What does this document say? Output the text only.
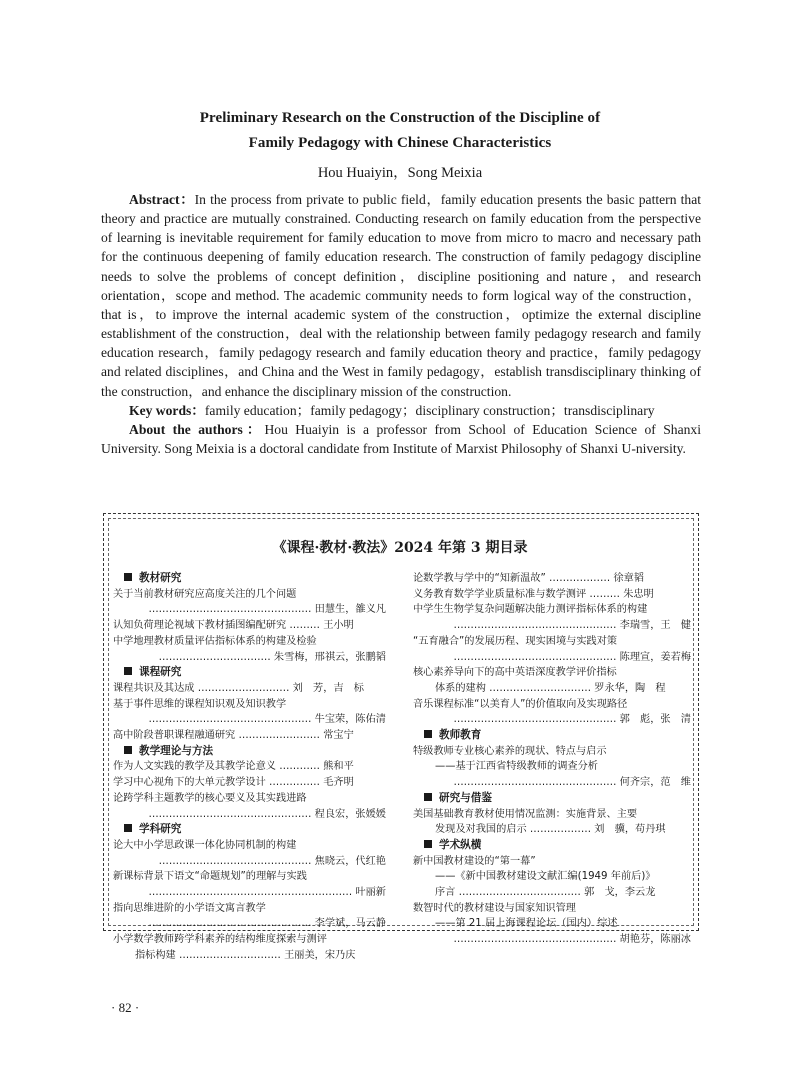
Preliminary Research on the Construction of the Discipline of
Family Pedagogy with Chinese Characteristics
Hou Huaiyin，Song Meixia

Abstract：In the process from private to public field，family education presents the basic pattern that theory and practice are mutually constrained. Conducting research on family education from the perspective of learning is inevitable requirement for family education to move from micro to macro and necessary path for the continuous deepening of family education research. The construction of family pedagogy discipline needs to solve the problems of concept definition，discipline positioning and nature，and research orientation，scope and method. The academic community needs to form logical way of the construction，that is，to improve the internal academic system of the construction，optimize the external discipline establishment of the construction，deal with the relationship between family pedagogy research and family education research，family pedagogy research and family education theory and practice，family pedagogy and related disciplines，and China and the West in family pedagogy，establish transdisciplinary thinking of the construction，and enhance the disciplinary mission of the construction.

Key words：family education；family pedagogy；disciplinary construction；transdisciplinary

About the authors：Hou Huaiyin is a professor from School of Education Science of Shanxi University. Song Meixia is a doctoral candidate from Institute of Marxist Philosophy of Shanxi U-niversity.

《课程·教材·教法》2024 年第 3 期目录
教材研究
关于当前教材研究应高度关注的几个问题
………………………………………… 田慧生，雒义凡
认知负荷理论视域下教材插图编配研究 ……… 王小明
中学地理教材质量评估指标体系的构建及检验
…………………………… 朱雪梅，邢祺云，张鹏韬
课程研究
课程共识及其达成 ……………………… 刘　芳，吉　标
基于事件思维的课程知识观及知识教学
………………………………………… 牛宝荣，陈佑清
高中阶段普职课程融通研究 …………………… 常宝宁
教学理论与方法
作为人文实践的教学及其教学论意义 ………… 熊和平
学习中心视角下的大单元教学设计 …………… 毛齐明
论跨学科主题教学的核心要义及其实践进路
………………………………………… 程良宏，张媛媛
学科研究
论大中小学思政课一体化协同机制的构建
……………………………………… 焦晓云，代红艳
新课标背景下语文“命题规划”的理解与实践
…………………………………………………… 叶丽新
指向思维进阶的小学语文寓言教学
………………………………………… 李学斌，马云静
小学数学教师跨学科素养的结构维度探索与测评
指标构建 ………………………… 王丽美，宋乃庆
论数学教与学中的“知新温故” ……………… 徐章韬
义务教育数学学业质量标准与数学测评 ……… 朱忠明
中学生生物学复杂问题解决能力测评指标体系的构建
………………………………………… 李瑞雪，王　健
“五育融合”的发展历程、现实困境与实践对策
………………………………………… 陈理宣，姜若梅
核心素养导向下的高中英语深度教学评价指标
体系的建构 ………………………… 罗永华，陶　程
音乐课程标准“以美育人”的价值取向及实现路径
………………………………………… 郭　彪，张　清
教师教育
特级教师专业核心素养的现状、特点与启示
——基于江西省特级教师的调查分析
………………………………………… 何齐宗，范　维
研究与借鉴
美国基础教育教材使用情况监测：实施背景、主要
发现及对我国的启示 ……………… 刘　骥，苟丹琪
学术纵横
新中国教材建设的“第一幕”
——《新中国教材建设文献汇编(1949 年前后)》
序言 ……………………………… 郭　戈，李云龙
数智时代的教材建设与国家知识管理
——第 21 届上海课程论坛（国内）综述
………………………………………… 胡艳芬，陈丽冰
· 82 ·
